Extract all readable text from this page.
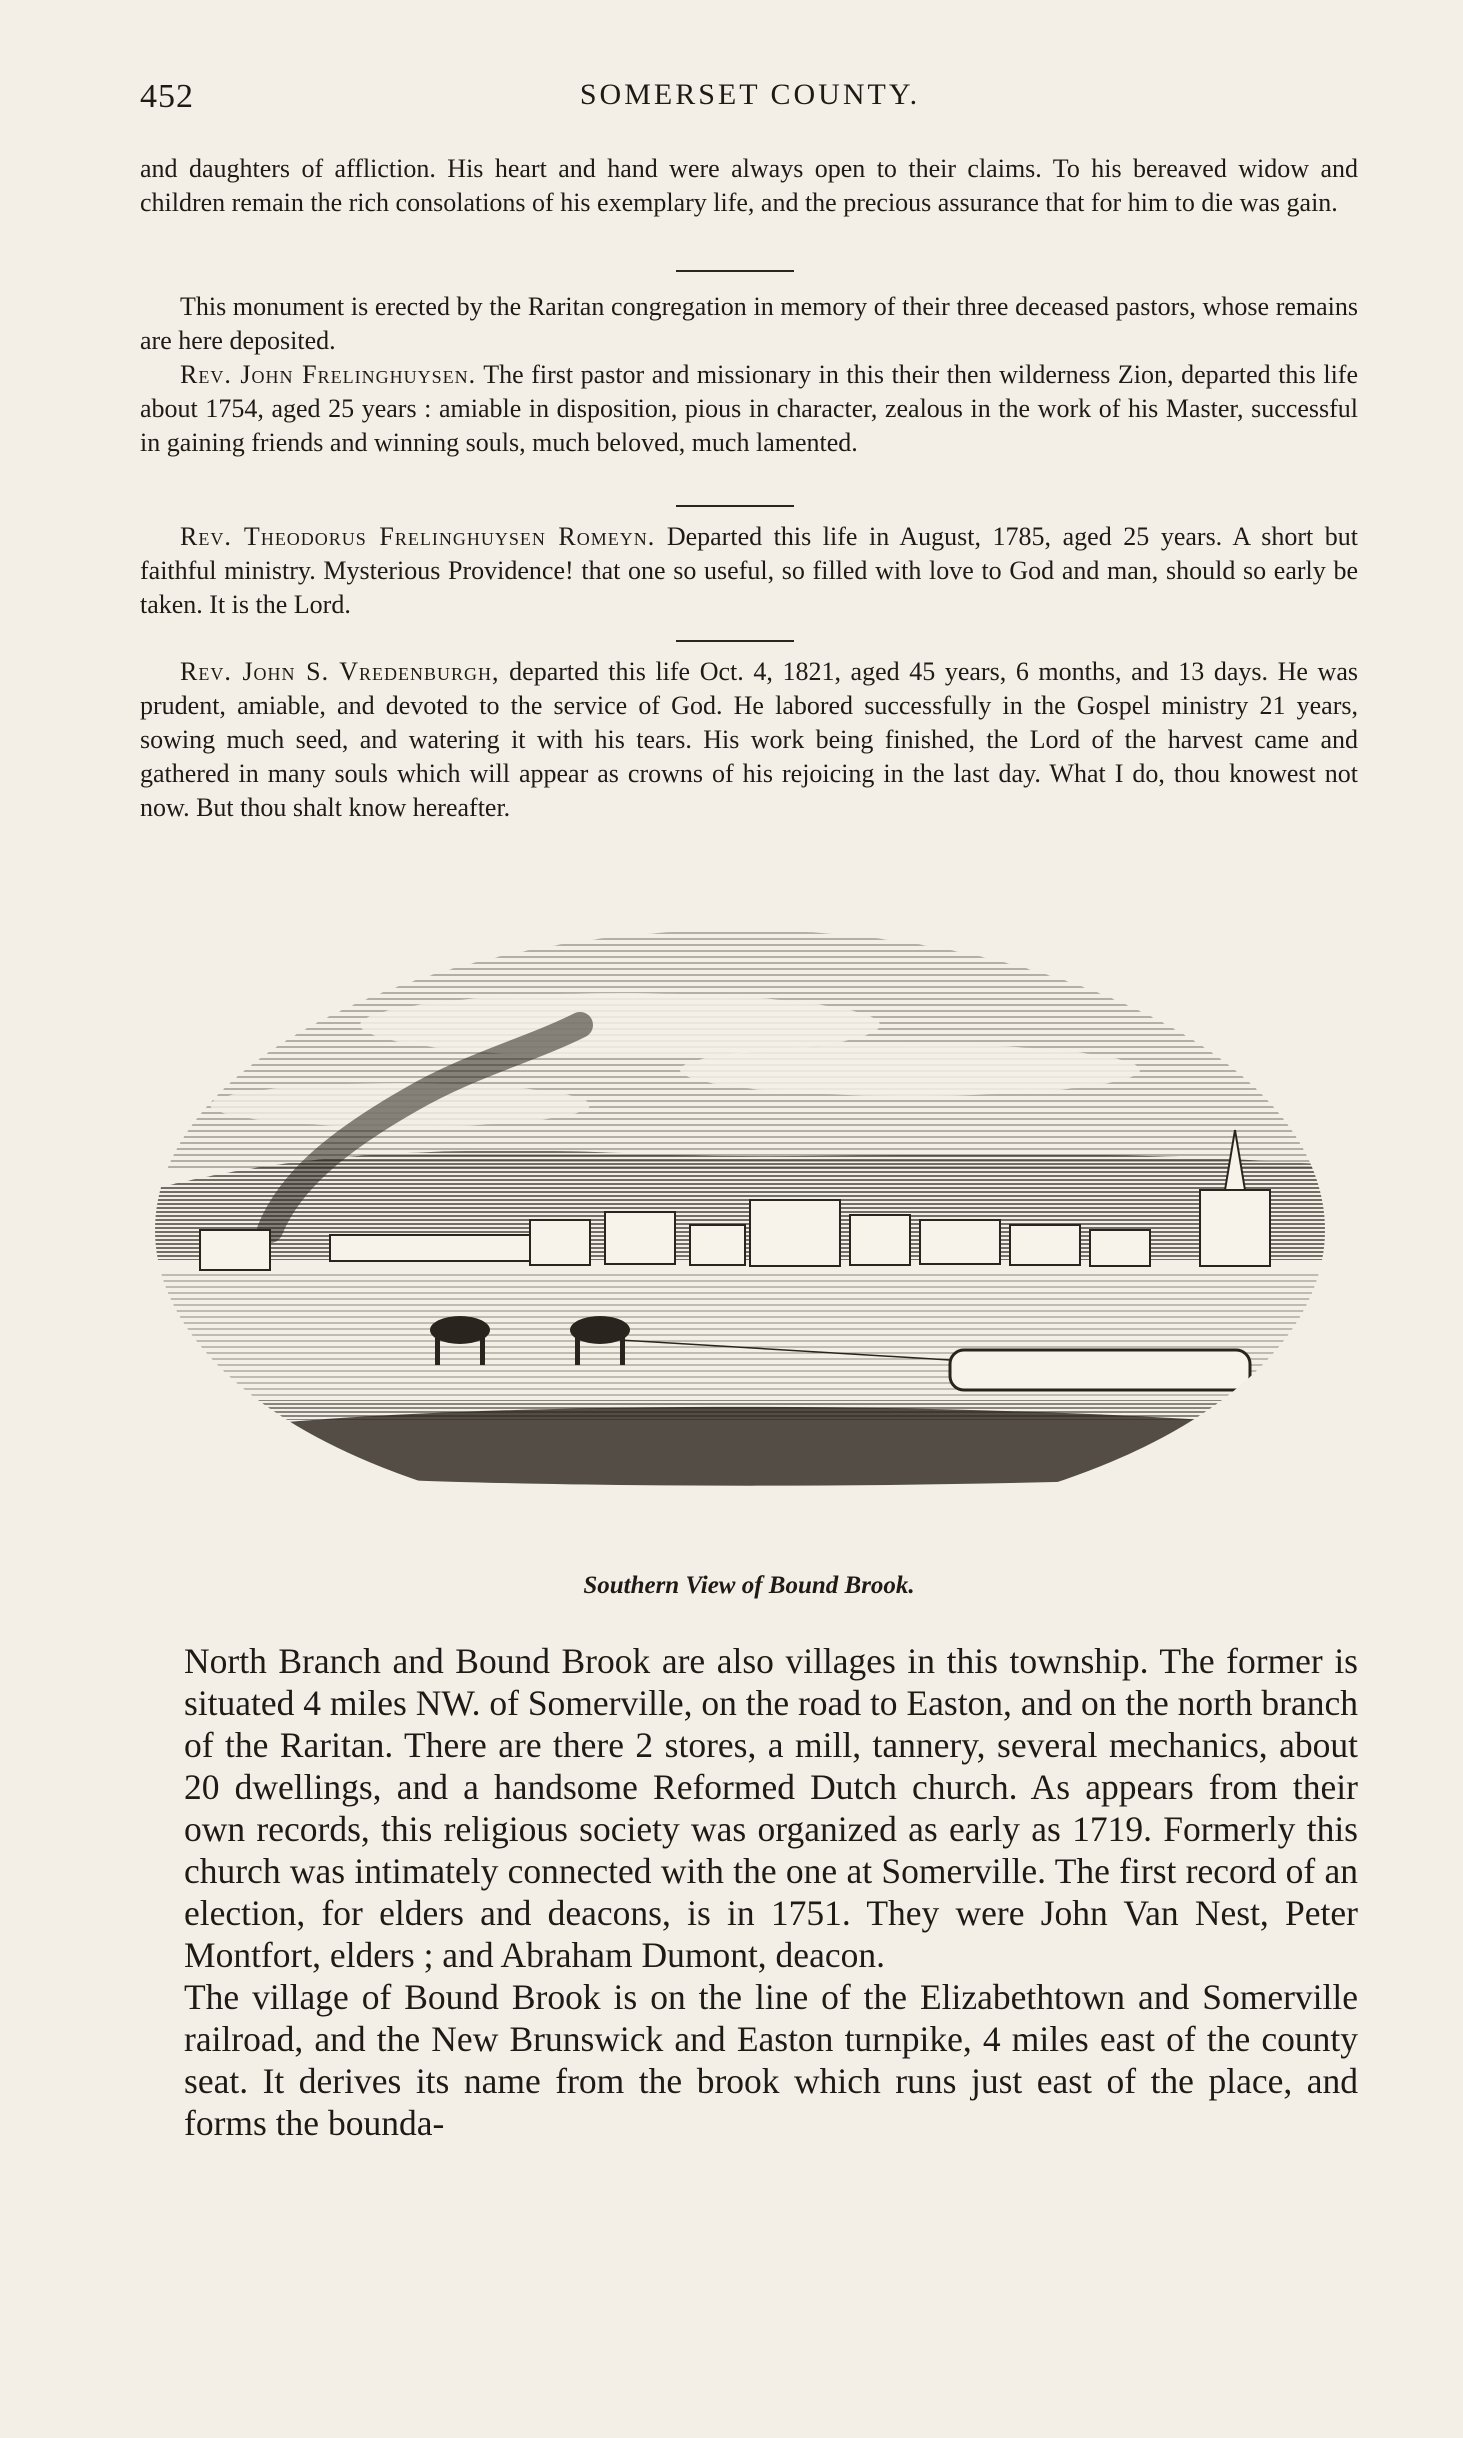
452	SOMERSET COUNTY.

and daughters of affliction. His heart and hand were always open to their claims. To his bereaved widow and children remain the rich consolations of his exemplary life, and the precious assurance that for him to die was gain.

This monument is erected by the Raritan congregation in memory of their three deceased pastors, whose remains are here deposited.

Rev. John Frelinghuysen. The first pastor and missionary in this their then wilderness Zion, departed this life about 1754, aged 25 years : amiable in disposition, pious in character, zealous in the work of his Master, successful in gaining friends and winning souls, much beloved, much lamented.

Rev. Theodorus Frelinghuysen Romeyn. Departed this life in August, 1785, aged 25 years. A short but faithful ministry. Mysterious Providence! that one so useful, so filled with love to God and man, should so early be taken. It is the Lord.

Rev. John S. Vredenburgh, departed this life Oct. 4, 1821, aged 45 years, 6 months, and 13 days. He was prudent, amiable, and devoted to the service of God. He labored successfully in the Gospel ministry 21 years, sowing much seed, and watering it with his tears. His work being finished, the Lord of the harvest came and gathered in many souls which will appear as crowns of his rejoicing in the last day. What I do, thou knowest not now. But thou shalt know hereafter.

Southern View of Bound Brook.

North Branch and Bound Brook are also villages in this township. The former is situated 4 miles NW. of Somerville, on the road to Easton, and on the north branch of the Raritan. There are there 2 stores, a mill, tannery, several mechanics, about 20 dwellings, and a handsome Reformed Dutch church. As appears from their own records, this religious society was organized as early as 1719. Formerly this church was intimately connected with the one at Somerville. The first record of an election, for elders and deacons, is in 1751. They were John Van Nest, Peter Montfort, elders ; and Abraham Dumont, deacon.

The village of Bound Brook is on the line of the Elizabethtown and Somerville railroad, and the New Brunswick and Easton turnpike, 4 miles east of the county seat. It derives its name from the brook which runs just east of the place, and forms the bounda-
